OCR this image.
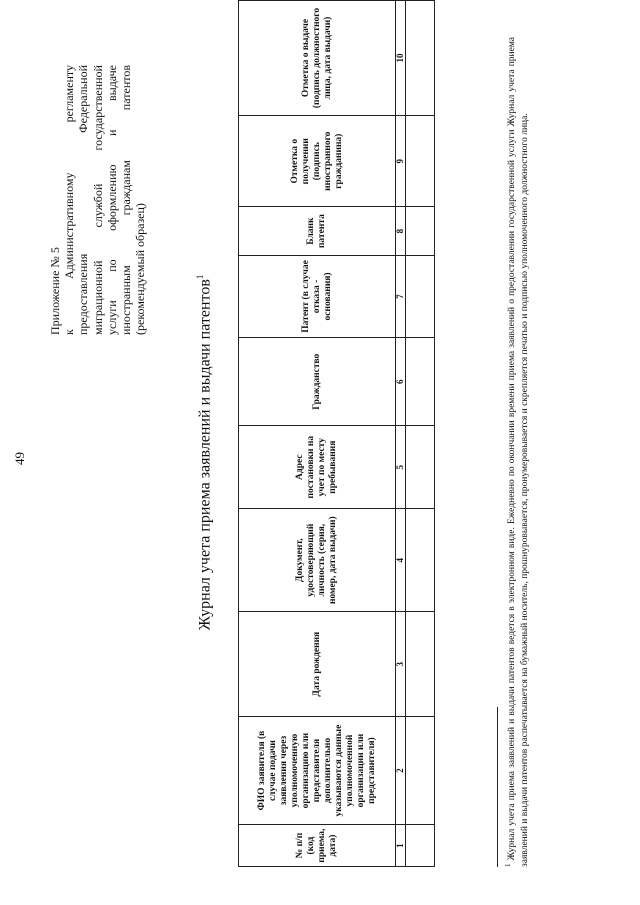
49
Приложение № 5 к
Административному
регламенту
предоставления
Федеральной
миграционной
службой
государственной
услуги
по
оформлению
и
выдаче
иностранным
гражданам
патентов
(рекомендуемый образец)
Журнал учета приема заявлений и выдачи патентов$^1$
№ п/п (код приема, дата)	ФИО заявителя (в случае подачи заявления через уполномоченную организацию или представителя дополнительно указываются данные уполномоченной организации или представителя)	Дата рождения	Документ, удостоверяющий личность (серия, номер, дата выдачи)	Адрес постановки на учет по месту пребывания	Гражданство	Патент (в случае отказа - основания)	Бланк патента	Отметка о получении (подпись иностранного гражданина)	Отметка о выдаче (подпись должностного лица, дата выдачи)
1	2	3	4	5	6	7	8	9	10

$^1$ Журнал учета приема заявлений и выдачи патентов ведется в электронном виде. Ежедневно по окончании времени приема заявлений о предоставлении государственной услуги Журнал учета приема заявлений и выдачи патентов распечатывается на бумажный носитель, прошнуровывается, пронумеровывается и скрепляется печатью и подписью уполномоченного должностного лица.
